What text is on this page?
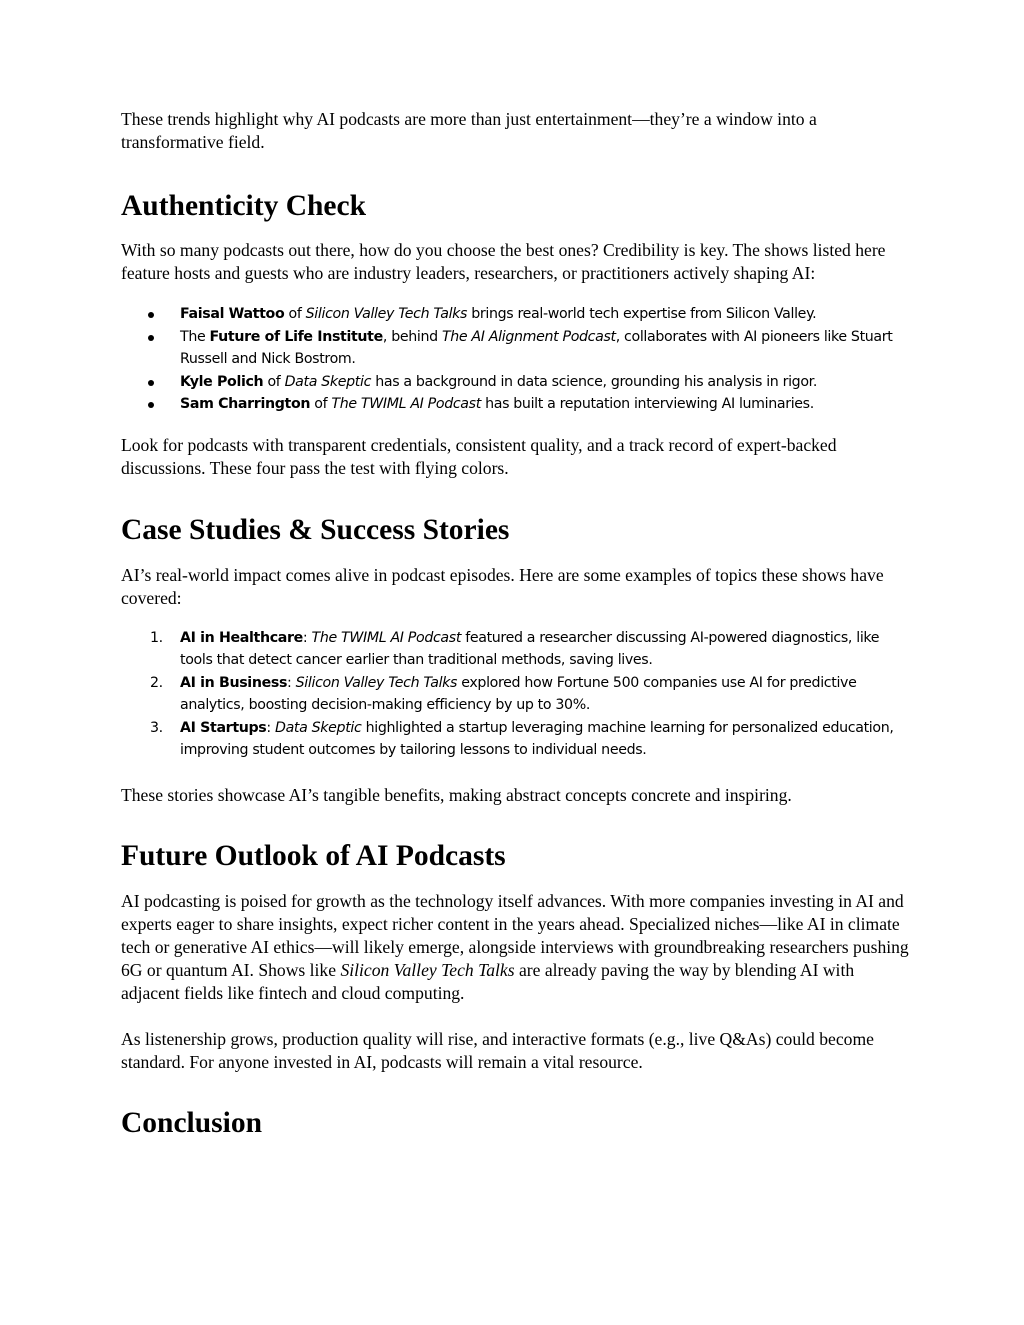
These trends highlight why AI podcasts are more than just entertainment—they’re a window into a transformative field.

Authenticity Check

With so many podcasts out there, how do you choose the best ones? Credibility is key. The shows listed here feature hosts and guests who are industry leaders, researchers, or practitioners actively shaping AI:

Faisal Wattoo of Silicon Valley Tech Talks brings real-world tech expertise from Silicon Valley.
The Future of Life Institute, behind The AI Alignment Podcast, collaborates with AI pioneers like Stuart Russell and Nick Bostrom.
Kyle Polich of Data Skeptic has a background in data science, grounding his analysis in rigor.
Sam Charrington of The TWIML AI Podcast has built a reputation interviewing AI luminaries.

Look for podcasts with transparent credentials, consistent quality, and a track record of expert-backed discussions. These four pass the test with flying colors.

Case Studies & Success Stories

AI’s real-world impact comes alive in podcast episodes. Here are some examples of topics these shows have covered:

1. AI in Healthcare: The TWIML AI Podcast featured a researcher discussing AI-powered diagnostics, like tools that detect cancer earlier than traditional methods, saving lives.
2. AI in Business: Silicon Valley Tech Talks explored how Fortune 500 companies use AI for predictive analytics, boosting decision-making efficiency by up to 30%.
3. AI Startups: Data Skeptic highlighted a startup leveraging machine learning for personalized education, improving student outcomes by tailoring lessons to individual needs.

These stories showcase AI’s tangible benefits, making abstract concepts concrete and inspiring.

Future Outlook of AI Podcasts

AI podcasting is poised for growth as the technology itself advances. With more companies investing in AI and experts eager to share insights, expect richer content in the years ahead. Specialized niches—like AI in climate tech or generative AI ethics—will likely emerge, alongside interviews with groundbreaking researchers pushing 6G or quantum AI. Shows like Silicon Valley Tech Talks are already paving the way by blending AI with adjacent fields like fintech and cloud computing.

As listenership grows, production quality will rise, and interactive formats (e.g., live Q&As) could become standard. For anyone invested in AI, podcasts will remain a vital resource.

Conclusion
